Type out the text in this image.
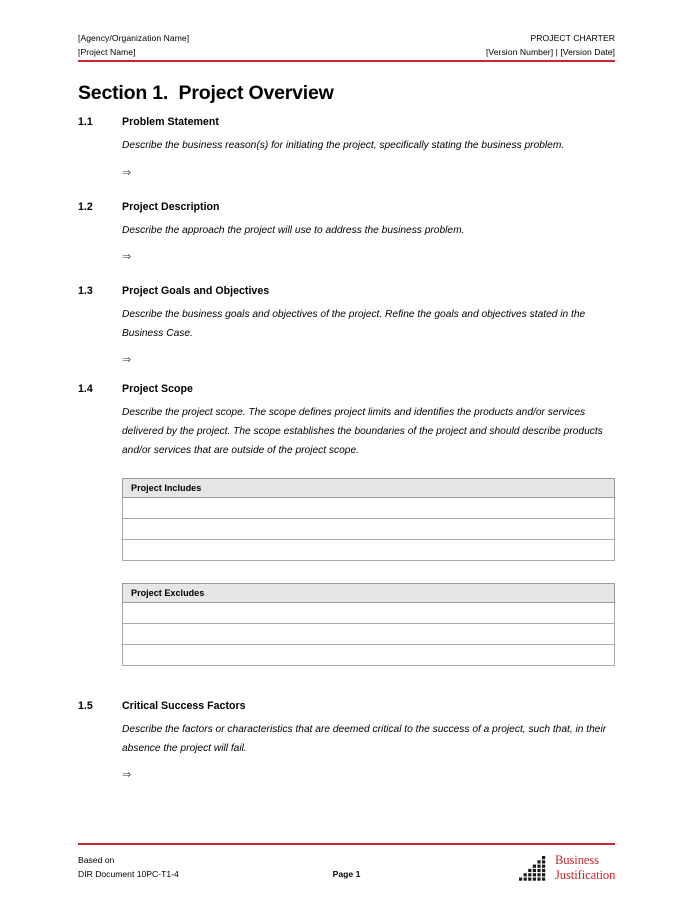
[Agency/Organization Name]	PROJECT CHARTER
[Project Name]	[Version Number] | [Version Date]
Section 1.  Project Overview
1.1	Problem Statement
Describe the business reason(s) for initiating the project, specifically stating the business problem.
⇒
1.2	Project Description
Describe the approach the project will use to address the business problem.
⇒
1.3	Project Goals and Objectives
Describe the business goals and objectives of the project. Refine the goals and objectives stated in the Business Case.
⇒
1.4	Project Scope
Describe the project scope. The scope defines project limits and identifies the products and/or services delivered by the project. The scope establishes the boundaries of the project and should describe products and/or services that are outside of the project scope.
Project Includes

Project Excludes

1.5	Critical Success Factors
Describe the factors or characteristics that are deemed critical to the success of a project, such that, in their absence the project will fail.
⇒
Based on
DIR Document 10PC-T1-4	Page 1
Business
Justification
